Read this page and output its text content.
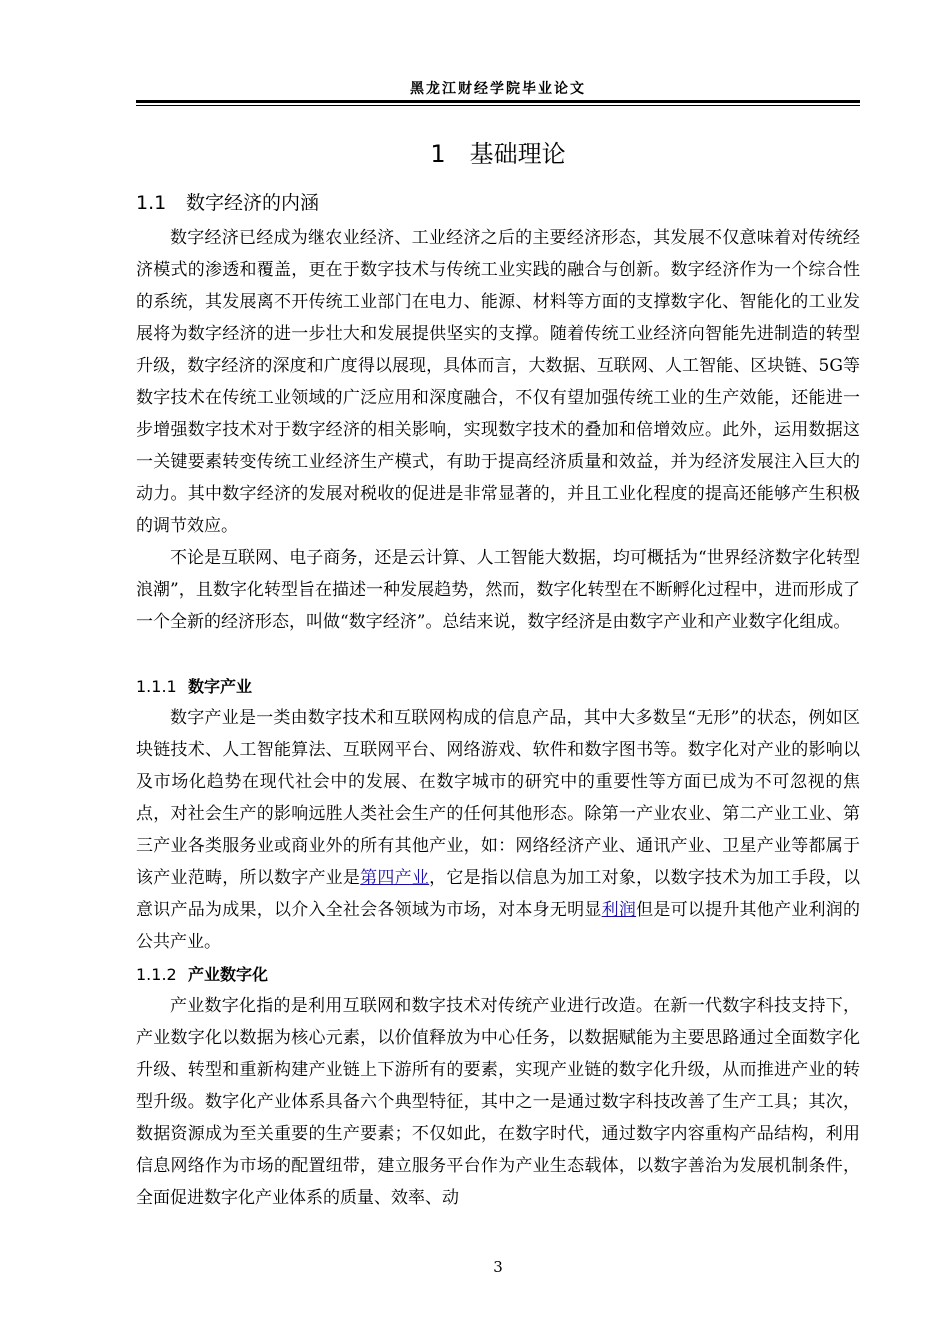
黑龙江财经学院毕业论文
1 基础理论
1.1 数字经济的内涵
数字经济已经成为继农业经济、工业经济之后的主要经济形态，其发展不仅意味着对传统经济模式的渗透和覆盖，更在于数字技术与传统工业实践的融合与创新。数字经济作为一个综合性的系统，其发展离不开传统工业部门在电力、能源、材料等方面的支撑数字化、智能化的工业发展将为数字经济的进一步壮大和发展提供坚实的支撑。随着传统工业经济向智能先进制造的转型升级，数字经济的深度和广度得以展现，具体而言，大数据、互联网、人工智能、区块链、5G等数字技术在传统工业领域的广泛应用和深度融合，不仅有望加强传统工业的生产效能，还能进一步增强数字技术对于数字经济的相关影响，实现数字技术的叠加和倍增效应。此外，运用数据这一关键要素转变传统工业经济生产模式，有助于提高经济质量和效益，并为经济发展注入巨大的动力。其中数字经济的发展对税收的促进是非常显著的，并且工业化程度的提高还能够产生积极的调节效应。
不论是互联网、电子商务，还是云计算、人工智能大数据，均可概括为“世界经济数字化转型浪潮”，且数字化转型旨在描述一种发展趋势，然而，数字化转型在不断孵化过程中，进而形成了一个全新的经济形态，叫做“数字经济”。总结来说，数字经济是由数字产业和产业数字化组成。
1.1.1 数字产业
数字产业是一类由数字技术和互联网构成的信息产品，其中大多数呈“无形”的状态，例如区块链技术、人工智能算法、互联网平台、网络游戏、软件和数字图书等。数字化对产业的影响以及市场化趋势在现代社会中的发展、在数字城市的研究中的重要性等方面已成为不可忽视的焦点，对社会生产的影响远胜人类社会生产的任何其他形态。除第一产业农业、第二产业工业、第三产业各类服务业或商业外的所有其他产业，如：网络经济产业、通讯产业、卫星产业等都属于该产业范畴，所以数字产业是第四产业，它是指以信息为加工对象，以数字技术为加工手段，以意识产品为成果，以介入全社会各领域为市场，对本身无明显利润但是可以提升其他产业利润的公共产业。
1.1.2 产业数字化
产业数字化指的是利用互联网和数字技术对传统产业进行改造。在新一代数字科技支持下，产业数字化以数据为核心元素，以价值释放为中心任务，以数据赋能为主要思路通过全面数字化升级、转型和重新构建产业链上下游所有的要素，实现产业链的数字化升级，从而推进产业的转型升级。数字化产业体系具备六个典型特征，其中之一是通过数字科技改善了生产工具；其次，数据资源成为至关重要的生产要素；不仅如此，在数字时代，通过数字内容重构产品结构，利用信息网络作为市场的配置纽带，建立服务平台作为产业生态载体，以数字善治为发展机制条件，全面促进数字化产业体系的质量、效率、动
3
